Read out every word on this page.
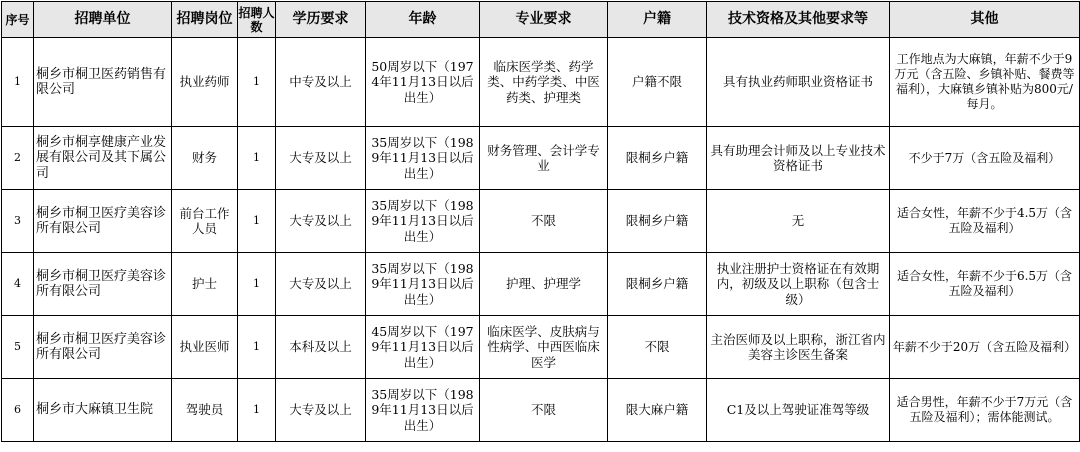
序号	招聘单位	招聘岗位	招聘人数	学历要求	年龄	专业要求	户籍	技术资格及其他要求等	其他
1	桐乡市桐卫医药销售有限公司	执业药师	1	中专及以上	50周岁以下（1974年11月13日以后出生）	临床医学类、药学类、中药学类、中医药类、护理类	户籍不限	具有执业药师职业资格证书	工作地点为大麻镇，年薪不少于9万元（含五险、乡镇补贴、餐费等福利），大麻镇乡镇补贴为800元/每月。
2	桐乡市桐享健康产业发展有限公司及其下属公司	财务	1	大专及以上	35周岁以下（1989年11月13日以后出生）	财务管理、会计学专业	限桐乡户籍	具有助理会计师及以上专业技术资格证书	不少于7万（含五险及福利）
3	桐乡市桐卫医疗美容诊所有限公司	前台工作人员	1	大专及以上	35周岁以下（1989年11月13日以后出生）	不限	限桐乡户籍	无	适合女性，年薪不少于4.5万（含五险及福利）
4	桐乡市桐卫医疗美容诊所有限公司	护士	1	大专及以上	35周岁以下（1989年11月13日以后出生）	护理、护理学	限桐乡户籍	执业注册护士资格证在有效期内，初级及以上职称（包含士级）	适合女性，年薪不少于6.5万（含五险及福利）
5	桐乡市桐卫医疗美容诊所有限公司	执业医师	1	本科及以上	45周岁以下（1979年11月13日以后出生）	临床医学、皮肤病与性病学、中西医临床医学	不限	主治医师及以上职称，浙江省内美容主诊医生备案	年薪不少于20万（含五险及福利）
6	桐乡市大麻镇卫生院	驾驶员	1	大专及以上	35周岁以下（1989年11月13日以后出生）	不限	限大麻户籍	C1及以上驾驶证准驾等级	适合男性，年薪不少于7万元（含五险及福利）；需体能测试。
